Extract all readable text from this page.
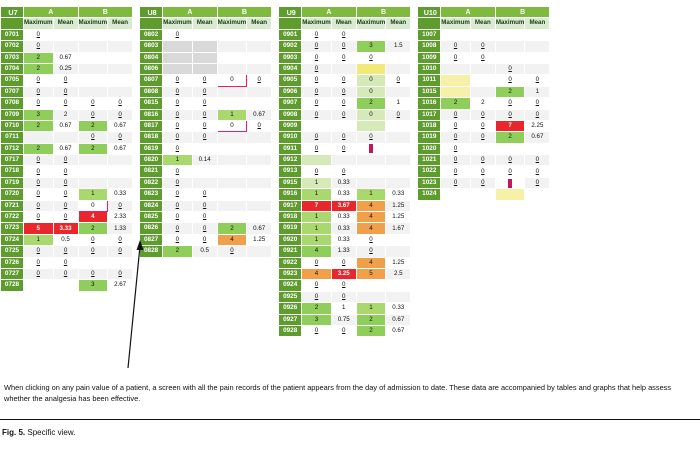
U7	A		B	
	Maximum	Mean	Maximum	Mean
0701	0			
0702	0			
0703	2	0.67		
0704	2	0.25		
0705	0	0		
0707	0	0		
0708	0	0	0	0
0709	3	2	0	0
0710	2	0.67	2	0.67
0711			0	0
0712	2	0.67	2	0.67
0717	0	0		
0718	0	0		
0719	0	0		
0720	0	0	1	0.33
0721	0	0	0	0
0722	0	0	4	2.33
0723	5	3.33	2	1.33
0724	1	0.5	0	0
0725	0	0	0	0
0726	0	0		
0727	0	0	0	0
0728			3	2.67
U8	A		B	
	Maximum	Mean	Maximum	Mean
0802	0			
0803				
0804				
0806				
0807	0	0	0	0
0808	0	0		
0815	0	0		
0816	0	0	1	0.67
0817	0	0	0	0
0818	0	0		
0819	0			
0820	1	0.14		
0821	0			
0822	0			
0823	0	0		
0824	0	0		
0825	0	0		
0826	0	0	2	0.67
0827	0	0	4	1.25
0828	2	0.5	0	
U9	A		B	
	Maximum	Mean	Maximum	Mean
0901	0	0		
0902	0	0	3	1.5
0903	0	0	0	
0904	0			
0905	0	0	0	0
0906	0	0	0	
0907	0	0	2	1
0908	0	0	0	0
0909				
0910	0	0	0	
0911	0	0	

0912				
0913	0	0		
0915	1	0.33		
0916	1	0.33	1	0.33
0917	7	3.67	4	1.25
0918	1	0.33	4	1.25
0919	1	0.33	4	1.67
0920	1	0.33	0	
0921	4	1.33	0	
0922	0	0	4	1.25
0923	4	3.25	5	2.5
0924	0	0		
0925	0	0		
0926	2	1	1	0.33
0927	3	0.75	2	0.67
0928	0	0	2	0.67
U10	A		B	
	Maximum	Mean	Maximum	Mean
1007				
1008	0	0		
1009	0	0		
1010			0	
1011			0	0
1015			2	1
1016	2	2	0	0
1017	0	0	0	0
1018	0	0	7	2.25
1019	0	0	2	0.67
1020	0			
1021	0	0	0	0
1022	0	0	0	0
1023	0	0		0
1024				
When clicking on any pain value of a patient, a screen with all the pain records of the patient appears from the day of admission to date. These data are accompanied by tables and graphs that help assess whether the analgesia has been effective.
Fig. 5. Specific view.
